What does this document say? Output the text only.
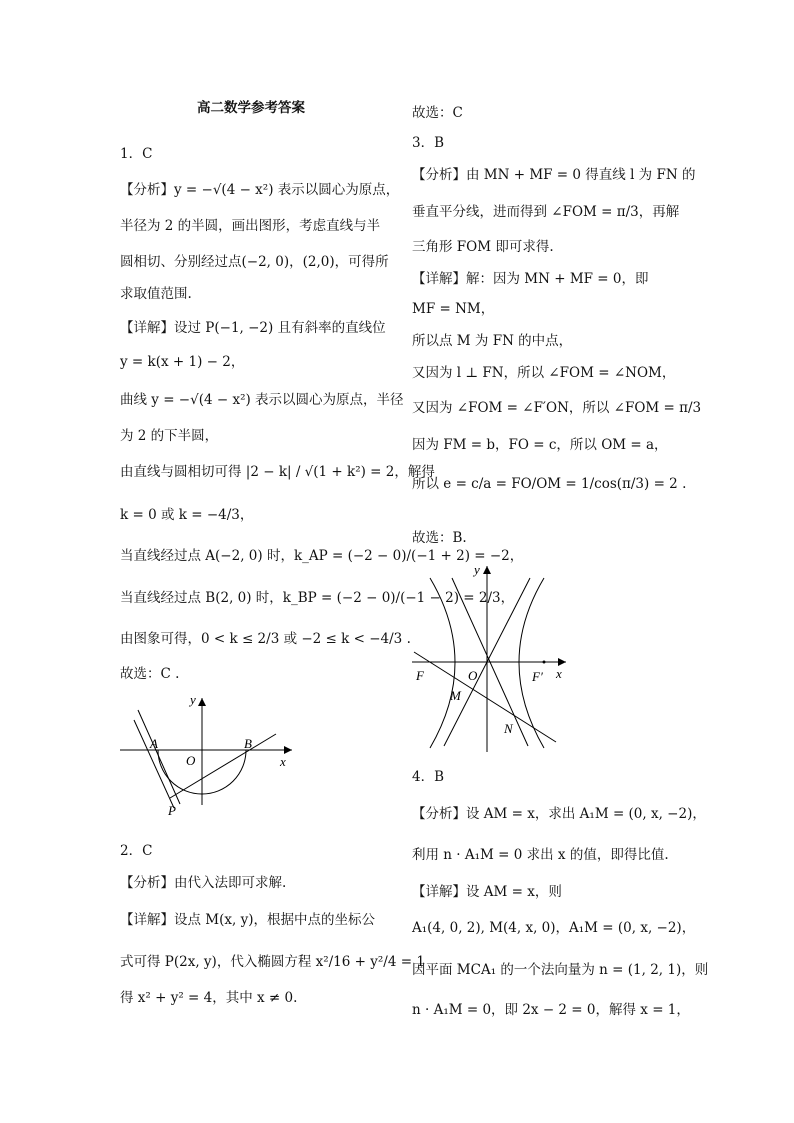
高二数学参考答案
1．C
【分析】y = −√(4 − x²) 表示以圆心为原点，
半径为 2 的半圆，画出图形，考虑直线与半
圆相切、分别经过点(−2, 0)，(2,0)，可得所
求取值范围.
【详解】设过 P(−1, −2) 且有斜率的直线位
y = k(x + 1) − 2，
曲线 y = −√(4 − x²) 表示以圆心为原点，半径
为 2 的下半圆，
由直线与圆相切可得 |2 − k| / √(1 + k²) = 2，解得
k = 0 或 k = −4/3，
当直线经过点 A(−2, 0) 时，k_AP = (−2 − 0)/(−1 + 2) = −2，
当直线经过点 B(2, 0) 时，k_BP = (−2 − 0)/(−1 − 2) = 2/3，
由图象可得，0 < k ≤ 2/3 或 −2 ≤ k < −4/3 .
故选：C .
y
x
A	B
O
P
2．C
【分析】由代入法即可求解.
【详解】设点 M(x, y)，根据中点的坐标公
式可得 P(2x, y)，代入椭圆方程 x²/16 + y²/4 = 1
得 x² + y² = 4，其中 x ≠ 0.
故选：C
3．B
【分析】由 MN + MF = 0 得直线 l 为 FN 的
垂直平分线，进而得到 ∠FOM = π/3，再解
三角形 FOM 即可求得.
【详解】解：因为 MN + MF = 0，即
MF = NM，
所以点 M 为 FN 的中点，
又因为 l ⊥ FN，所以 ∠FOM = ∠NOM，
又因为 ∠FOM = ∠F′ON，所以 ∠FOM = π/3
因为 FM = b，FO = c，所以 OM = a，
所以 e = c/a = FO/OM = 1/cos(π/3) = 2 .
故选：B.
y
x
F	O	F′
M
N
4．B
【分析】设 AM = x，求出 A₁M = (0, x, −2)，
利用 n · A₁M = 0 求出 x 的值，即得比值.
【详解】设 AM = x，则
A₁(4, 0, 2), M(4, x, 0)，A₁M = (0, x, −2)，
因平面 MCA₁ 的一个法向量为 n = (1, 2, 1)，则
n · A₁M = 0，即 2x − 2 = 0，解得 x = 1，
